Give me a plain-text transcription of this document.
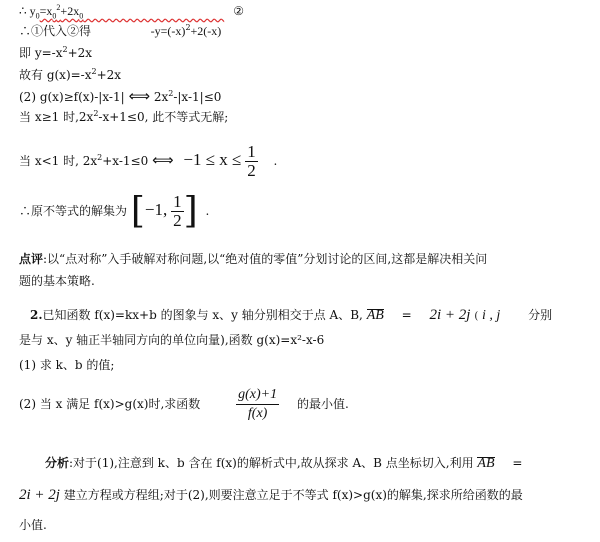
∴ $y_0=x_0^2+2x_0$	②
∴①代入②得	$-y=(-x)^2+2(-x)$
即 $y=-x^2+2x$
故有 $g(x)=-x^2+2x$
(2) g(x)≥f(x)-|x-1| ⟺ $2x^2-|x-1|\le 0$
当 x≥1 时$,2x^2-x+1\le 0$, 此不等式无解;
当 x<1 时, $2x^2+x-1\le 0$ ⟺ $-1 \le x \le \frac{1}{2}$ .
∴原不等式的解集为 [−1, $\frac{1}{2}$ ] .
点评:以“点对称”入手破解对称问题,以“绝对值的零值”分划讨论的区间,这都是解决相关问
题的基本策略.
2.已知函数 f(x)=kx+b 的图象与 x、y 轴分别相交于点 A、B, AB = 2i + 2j ( i , j 分别
是与 x、y 轴正半轴同方向的单位向量),函数 g(x)=x²-x-6
(1) 求 k、b 的值;
(2) 当 x 满足 f(x)>g(x)时,求函数	$\frac{g(x)+1}{f(x)}$ 的最小值.
分析:对于(1),注意到 k、b 含在 f(x)的解析式中,故从探求 A、B 点坐标切入,利用 AB =
2i + 2j 建立方程或方程组;对于(2),则要注意立足于不等式 f(x)>g(x)的解集,探求所给函数的最
小值.
